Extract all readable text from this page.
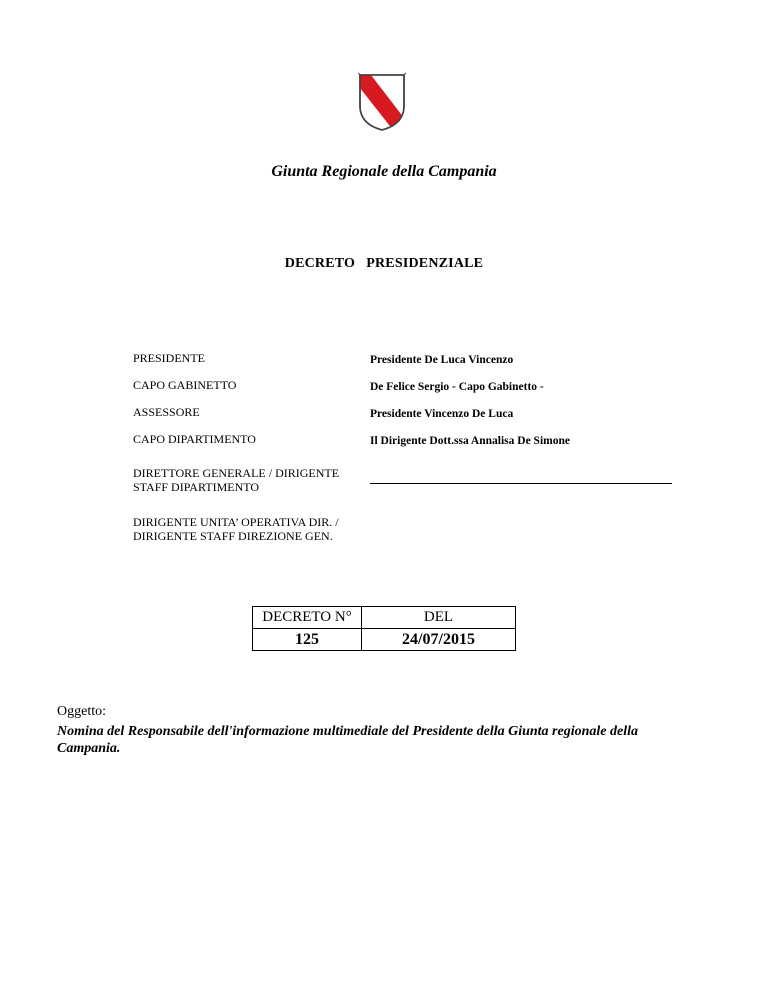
Giunta Regionale della Campania
DECRETO   PRESIDENZIALE
PRESIDENTE	Presidente De Luca Vincenzo
CAPO GABINETTO	De Felice Sergio - Capo Gabinetto -
ASSESSORE	Presidente Vincenzo De Luca
CAPO DIPARTIMENTO	Il Dirigente Dott.ssa Annalisa De Simone
DIRETTORE GENERALE / DIRIGENTE STAFF DIPARTIMENTO
DIRIGENTE UNITA’ OPERATIVA DIR. / DIRIGENTE STAFF DIREZIONE GEN.
DECRETO N°	DEL
125	24/07/2015
Oggetto:
Nomina del Responsabile dell'informazione multimediale del Presidente della Giunta regionale della Campania.
